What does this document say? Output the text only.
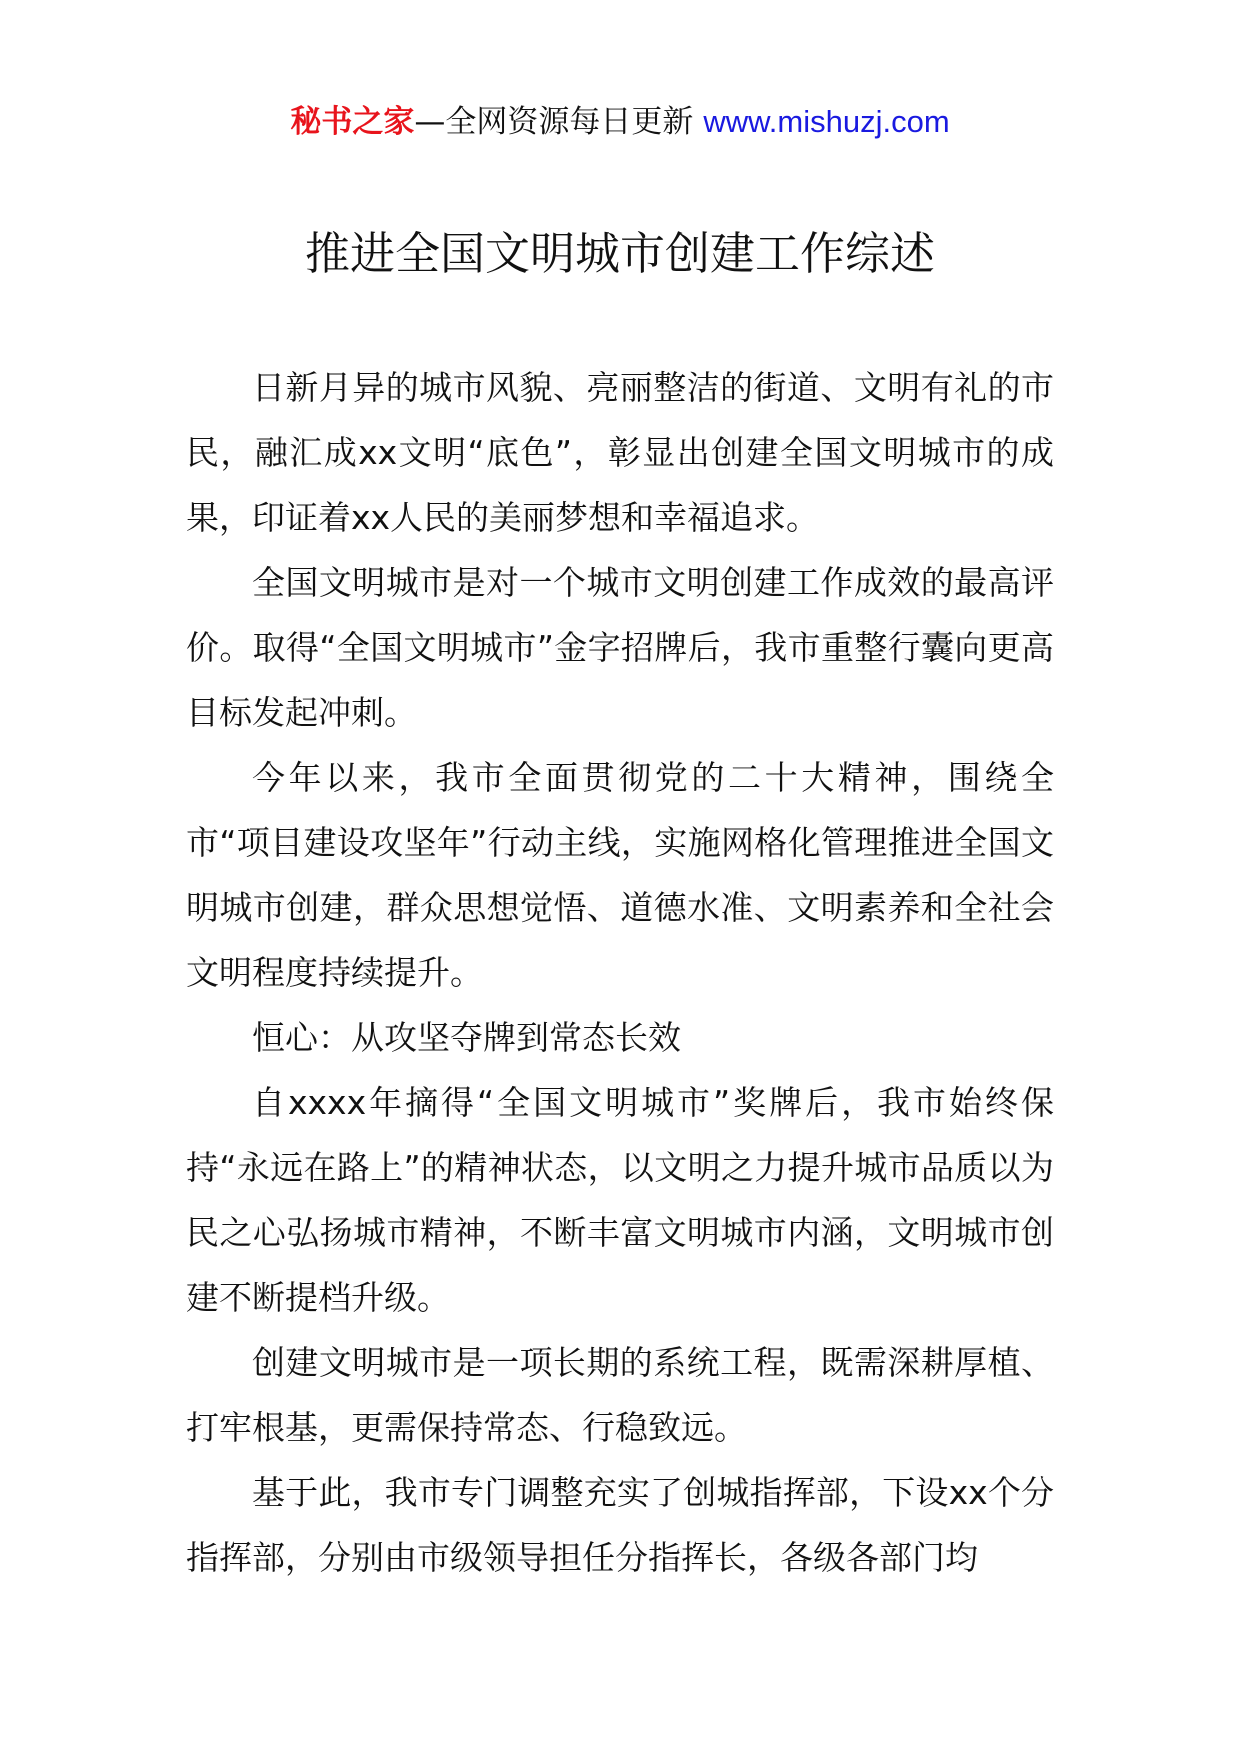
秘书之家—全网资源每日更新 www.mishuzj.com
推进全国文明城市创建工作综述

日新月异的城市风貌、亮丽整洁的街道、文明有礼的市民，融汇成xx文明“底色”，彰显出创建全国文明城市的成果，印证着xx人民的美丽梦想和幸福追求。

全国文明城市是对一个城市文明创建工作成效的最高评价。取得“全国文明城市”金字招牌后，我市重整行囊向更高目标发起冲刺。

今年以来，我市全面贯彻党的二十大精神，围绕全市“项目建设攻坚年”行动主线，实施网格化管理推进全国文明城市创建，群众思想觉悟、道德水准、文明素养和全社会文明程度持续提升。

恒心：从攻坚夺牌到常态长效

自xxxx年摘得“全国文明城市”奖牌后，我市始终保持“永远在路上”的精神状态，以文明之力提升城市品质以为民之心弘扬城市精神，不断丰富文明城市内涵，文明城市创建不断提档升级。

创建文明城市是一项长期的系统工程，既需深耕厚植、打牢根基，更需保持常态、行稳致远。

基于此，我市专门调整充实了创城指挥部，下设xx个分指挥部，分别由市级领导担任分指挥长，各级各部门均
